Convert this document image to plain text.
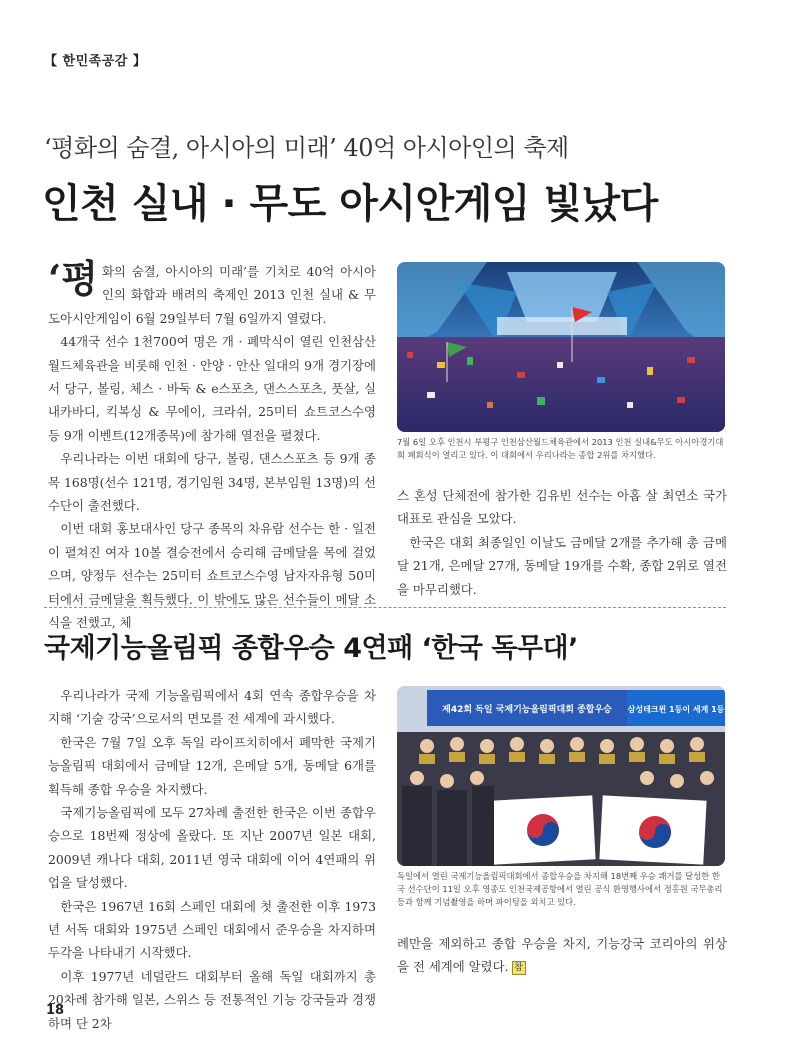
【 한민족공감 】
‘평화의 숨결, 아시아의 미래’ 40억 아시아인의 축제
인천 실내 · 무도 아시안게임 빛났다

‘평화의 숨결, 아시아의 미래’를 기치로 40억 아시아인의 화합과 배려의 축제인 2013 인천 실내 & 무도아시안게임이 6월 29일부터 7월 6일까지 열렸다.

44개국 선수 1천700여 명은 개 · 폐막식이 열린 인천삼산월드체육관을 비롯해 인천 · 안양 · 안산 일대의 9개 경기장에서 당구, 볼링, 체스 · 바둑 & e스포츠, 댄스스포츠, 풋살, 실내카바디, 킥복싱 & 무에이, 크라쉬, 25미터 쇼트코스수영 등 9개 이벤트(12개종목)에 참가해 열전을 펼쳤다.

우리나라는 이번 대회에 당구, 볼링, 댄스스포츠 등 9개 종목 168명(선수 121명, 경기임원 34명, 본부임원 13명)의 선수단이 출전했다.

이번 대회 홍보대사인 당구 종목의 차유람 선수는 한 · 일전이 펼쳐진 여자 10볼 결승전에서 승리해 금메달을 목에 걸었으며, 양정두 선수는 25미터 쇼트코스수영 남자자유형 50미터에서 금메달을 획득했다. 이 밖에도 많은 선수들이 메달 소식을 전했고, 체

7월 6일 오후 인천시 부평구 인천삼산월드체육관에서 2013 인천 실내&무도 아시아경기대회 폐회식이 열리고 있다. 이 대회에서 우리나라는 종합 2위를 차지했다.

스 혼성 단체전에 참가한 김유빈 선수는 아홉 살 최연소 국가대표로 관심을 모았다.

한국은 대회 최종일인 이날도 금메달 2개를 추가해 총 금메달 21개, 은메달 27개, 동메달 19개를 수확, 종합 2위로 열전을 마무리했다.

국제기능올림픽 종합우승 4연패 ‘한국 독무대’

우리나라가 국제 기능올림픽에서 4회 연속 종합우승을 차지해 ‘기술 강국’으로서의 면모를 전 세계에 과시했다.

한국은 7월 7일 오후 독일 라이프치히에서 폐막한 국제기능올림픽 대회에서 금메달 12개, 은메달 5개, 동메달 6개를 획득해 종합 우승을 차지했다.

국제기능올림픽에 모두 27차례 출전한 한국은 이번 종합우승으로 18번째 정상에 올랐다. 또 지난 2007년 일본 대회, 2009년 캐나다 대회, 2011년 영국 대회에 이어 4연패의 위업을 달성했다.

한국은 1967년 16회 스페인 대회에 첫 출전한 이후 1973년 서독 대회와 1975년 스페인 대회에서 준우승을 차지하며 두각을 나타내기 시작했다.

이후 1977년 네덜란드 대회부터 올해 독일 대회까지 총 20차례 참가해 일본, 스위스 등 전통적인 기능 강국들과 경쟁하며 단 2차

제42회 독일 국제기능올림픽대회 종합우승 삼성테크윈 1등이 세계 1등
독일에서 열린 국제기능올림픽대회에서 종합우승을 차지해 18번째 우승 쾌거를 달성한 한국 선수단이 11일 오후 영종도 인천국제공항에서 열린 공식 환영행사에서 정홍원 국무총리 등과 함께 기념촬영을 하며 파이팅을 외치고 있다.

례만을 제외하고 종합 우승을 차지, 기능강국 코리아의 위상을 전 세계에 알렸다. 참

18
